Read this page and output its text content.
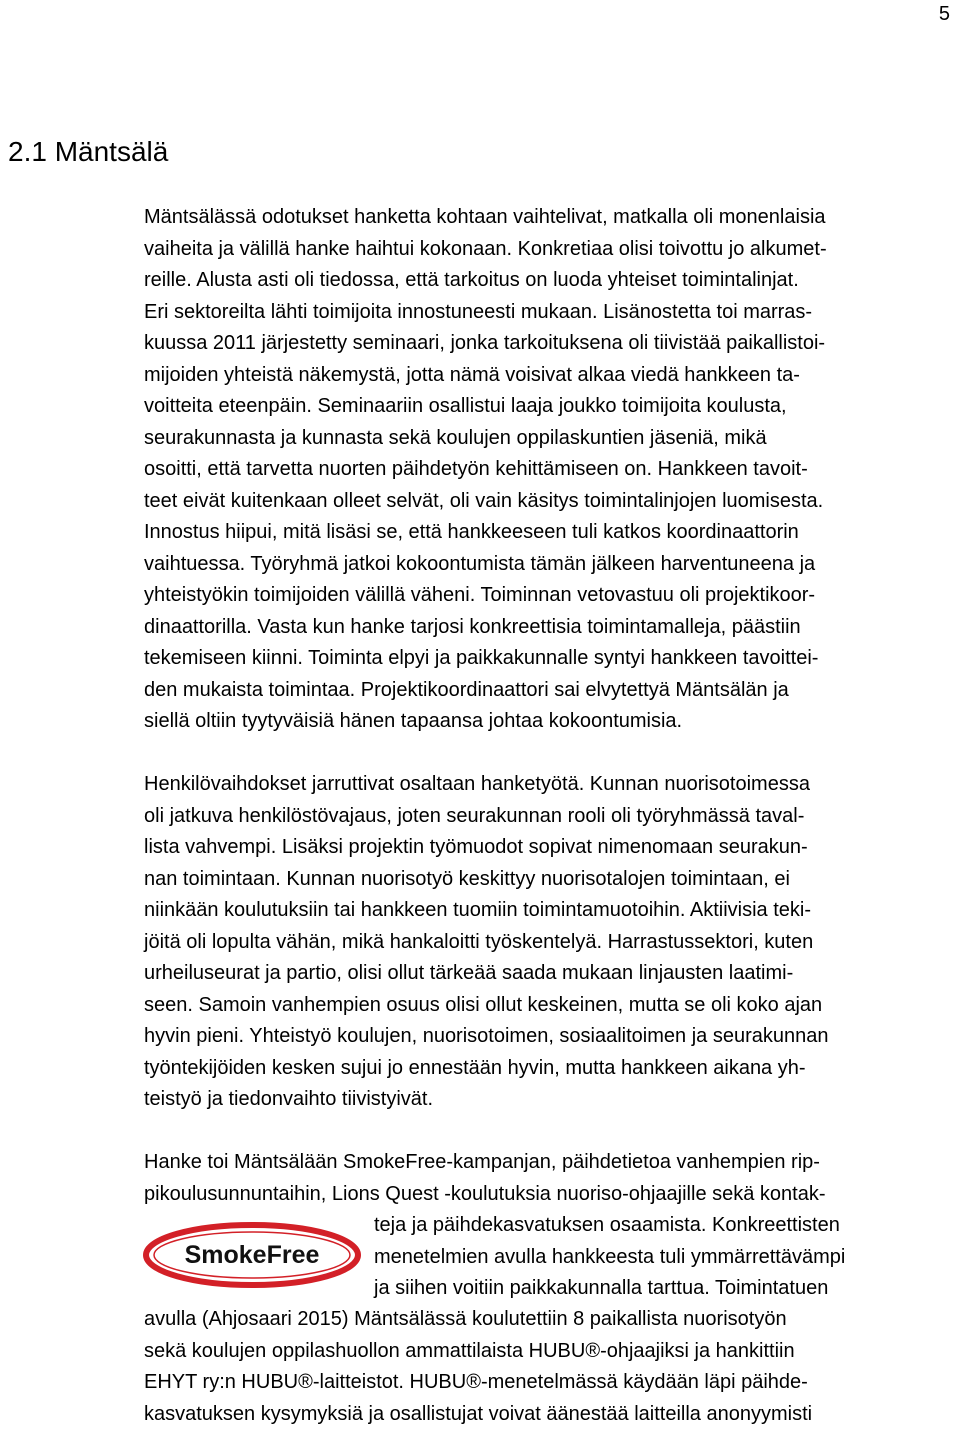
5
2.1 Mäntsälä
Mäntsälässä odotukset hanketta kohtaan vaihtelivat, matkalla oli monenlaisia
vaiheita ja välillä hanke haihtui kokonaan. Konkretiaa olisi toivottu jo alkumet-
reille. Alusta asti oli tiedossa, että tarkoitus on luoda yhteiset toimintalinjat.
Eri sektoreilta lähti toimijoita innostuneesti mukaan. Lisänostetta toi marras-
kuussa 2011 järjestetty seminaari, jonka tarkoituksena oli tiivistää paikallistoi-
mijoiden yhteistä näkemystä, jotta nämä voisivat alkaa viedä hankkeen ta-
voitteita eteenpäin. Seminaariin osallistui laaja joukko toimijoita koulusta,
seurakunnasta ja kunnasta sekä koulujen oppilaskuntien jäseniä, mikä
osoitti, että tarvetta nuorten päihdetyön kehittämiseen on. Hankkeen tavoit-
teet eivät kuitenkaan olleet selvät, oli vain käsitys toimintalinjojen luomisesta.
Innostus hiipui, mitä lisäsi se, että hankkeeseen tuli katkos koordinaattorin
vaihtuessa. Työryhmä jatkoi kokoontumista tämän jälkeen harventuneena ja
yhteistyökin toimijoiden välillä väheni. Toiminnan vetovastuu oli projektikoor-
dinaattorilla. Vasta kun hanke tarjosi konkreettisia toimintamalleja, päästiin
tekemiseen kiinni. Toiminta elpyi ja paikkakunnalle syntyi hankkeen tavoittei-
den mukaista toimintaa. Projektikoordinaattori sai elvytettyä Mäntsälän ja
siellä oltiin tyytyväisiä hänen tapaansa johtaa kokoontumisia.
Henkilövaihdokset jarruttivat osaltaan hanketyötä. Kunnan nuorisotoimessa
oli jatkuva henkilöstövajaus, joten seurakunnan rooli oli työryhmässä taval-
lista vahvempi. Lisäksi projektin työmuodot sopivat nimenomaan seurakun-
nan toimintaan. Kunnan nuorisotyö keskittyy nuorisotalojen toimintaan, ei
niinkään koulutuksiin tai hankkeen tuomiin toimintamuotoihin. Aktiivisia teki-
jöitä oli lopulta vähän, mikä hankaloitti työskentelyä. Harrastussektori, kuten
urheiluseurat ja partio, olisi ollut tärkeää saada mukaan linjausten laatimi-
seen. Samoin vanhempien osuus olisi ollut keskeinen, mutta se oli koko ajan
hyvin pieni. Yhteistyö koulujen, nuorisotoimen, sosiaalitoimen ja seurakunnan
työntekijöiden kesken sujui jo ennestään hyvin, mutta hankkeen aikana yh-
teistyö ja tiedonvaihto tiivistyivät.
Hanke toi Mäntsälään SmokeFree-kampanjan, päihdetietoa vanhempien rip-
pikoulusunnuntaihin, Lions Quest -koulutuksia nuoriso-ohjaajille sekä kontak-
SmokeFree
teja ja päihdekasvatuksen osaamista. Konkreettisten
menetelmien avulla hankkeesta tuli ymmärrettävämpi
ja siihen voitiin paikkakunnalla tarttua. Toimintatuen
avulla (Ahjosaari 2015) Mäntsälässä koulutettiin 8 paikallista nuorisotyön
sekä koulujen oppilashuollon ammattilaista HUBU®-ohjaajiksi ja hankittiin
EHYT ry:n HUBU®-laitteistot. HUBU®-menetelmässä käydään läpi päihde-
kasvatuksen kysymyksiä ja osallistujat voivat äänestää laitteilla anonyymisti
